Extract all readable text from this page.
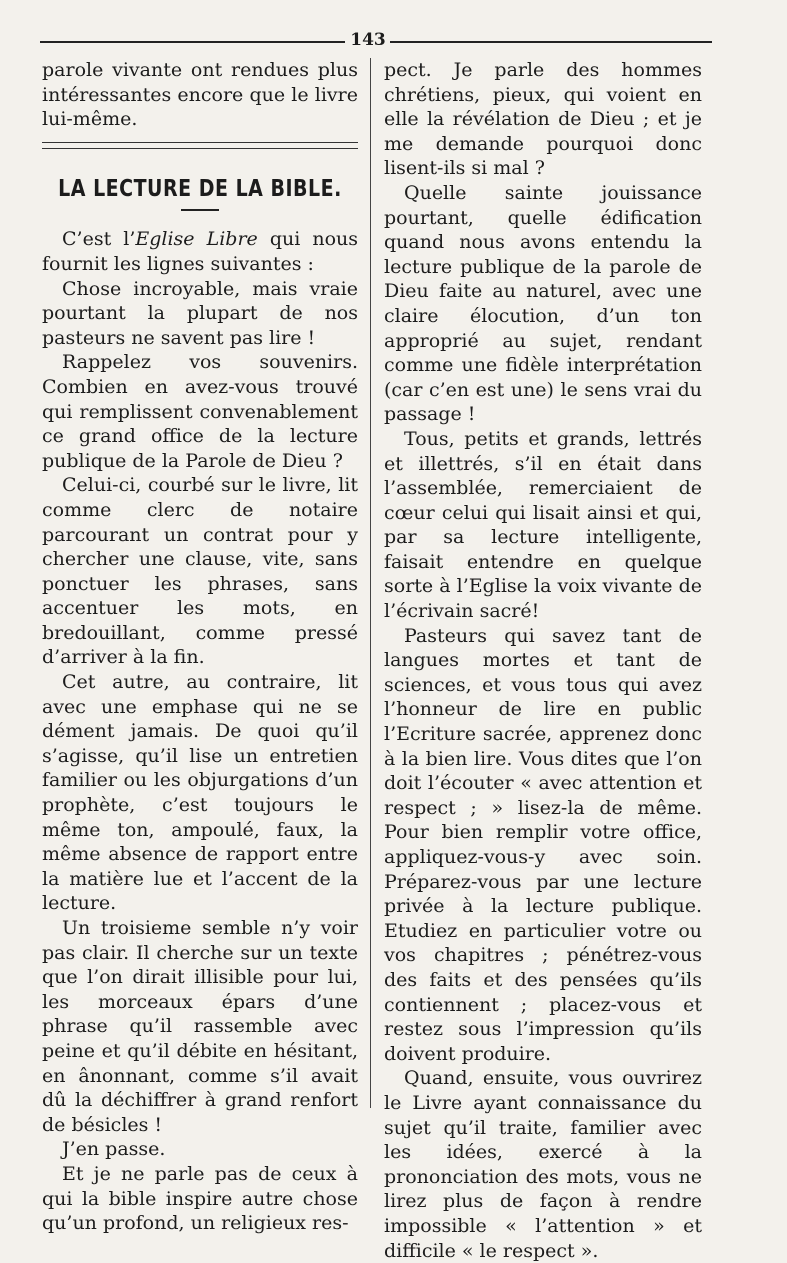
143

parole vivante ont rendues plus intéressantes encore que le livre lui-même.

LA LECTURE DE LA BIBLE.

C’est l’Eglise Libre qui nous fournit les lignes suivantes :

Chose incroyable, mais vraie pourtant la plupart de nos pasteurs ne savent pas lire !

Rappelez vos souvenirs. Combien en avez-vous trouvé qui remplissent convenablement ce grand office de la lecture publique de la Parole de Dieu ?

Celui-ci, courbé sur le livre, lit comme clerc de notaire parcourant un contrat pour y chercher une clause, vite, sans ponctuer les phrases, sans accentuer les mots, en bredouillant, comme pressé d’arriver à la fin.

Cet autre, au contraire, lit avec une emphase qui ne se dément jamais. De quoi qu’il s’agisse, qu’il lise un entretien familier ou les objurgations d’un prophète, c’est toujours le même ton, ampoulé, faux, la même absence de rapport entre la matière lue et l’accent de la lecture.

Un troisieme semble n’y voir pas clair. Il cherche sur un texte que l’on dirait illisible pour lui, les morceaux épars d’une phrase qu’il rassemble avec peine et qu’il débite en hésitant, en ânonnant, comme s’il avait dû la déchiffrer à grand renfort de bésicles !

J’en passe.

Et je ne parle pas de ceux à qui la bible inspire autre chose qu’un profond, un religieux res-

pect. Je parle des hommes chrétiens, pieux, qui voient en elle la révélation de Dieu ; et je me demande pourquoi donc lisent-ils si mal ?

Quelle sainte jouissance pourtant, quelle édification quand nous avons entendu la lecture publique de la parole de Dieu faite au naturel, avec une claire élocution, d’un ton approprié au sujet, rendant comme une fidèle interprétation (car c’en est une) le sens vrai du passage !

Tous, petits et grands, lettrés et illettrés, s’il en était dans l’assemblée, remerciaient de cœur celui qui lisait ainsi et qui, par sa lecture intelligente, faisait entendre en quelque sorte à l’Eglise la voix vivante de l’écrivain sacré!

Pasteurs qui savez tant de langues mortes et tant de sciences, et vous tous qui avez l’honneur de lire en public l’Ecriture sacrée, apprenez donc à la bien lire. Vous dites que l’on doit l’écouter « avec attention et respect ; » lisez-la de même. Pour bien remplir votre office, appliquez-vous-y avec soin. Préparez-vous par une lecture privée à la lecture publique. Etudiez en particulier votre ou vos chapitres ; pénétrez-vous des faits et des pensées qu’ils contiennent ; placez-vous et restez sous l’impression qu’ils doivent produire.

Quand, ensuite, vous ouvrirez le Livre ayant connaissance du sujet qu’il traite, familier avec les idées, exercé à la prononciation des mots, vous ne lirez plus de façon à rendre impossible « l’attention » et difficile « le respect ».
